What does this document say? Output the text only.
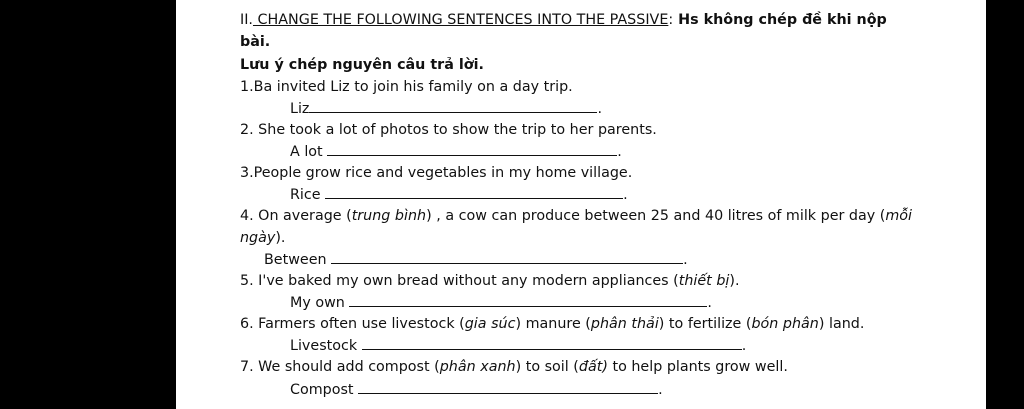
II. CHANGE THE FOLLOWING SENTENCES INTO THE PASSIVE: Hs không chép đề khi nộp
bài.
Lưu ý chép nguyên câu trả lời.
1.Ba invited Liz to join his family on a day trip.
Liz	.
2. She took a lot of photos to show the trip to her parents.
A lot	.
3.People grow rice and vegetables in my home village.
Rice	.
4. On average (trung bình) , a cow can produce between 25 and 40 litres of milk per day (mỗi
ngày).
Between	.
5. I've baked my own bread without any modern appliances (thiết bị).
My own	.
6. Farmers often use livestock (gia súc) manure (phân thải) to fertilize (bón phân) land.
Livestock	.
7. We should add compost (phân xanh) to soil (đất) to help plants grow well.
Compost	.
